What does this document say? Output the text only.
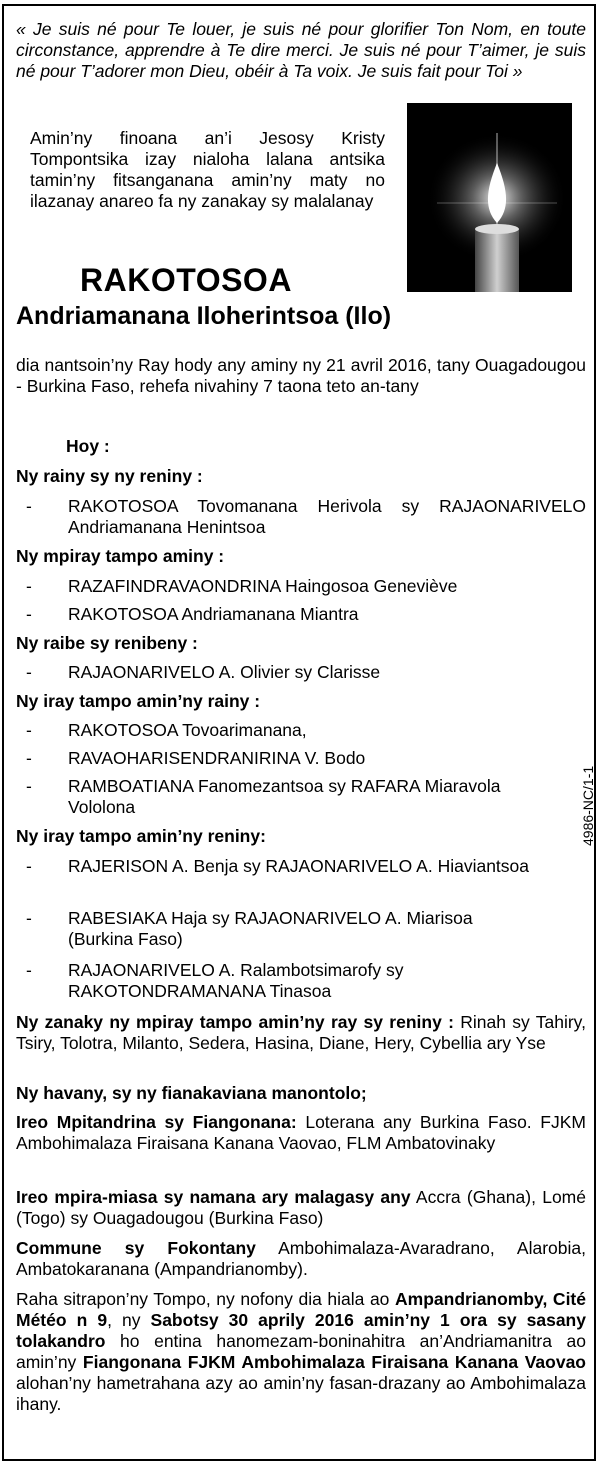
« Je suis né pour Te louer, je suis né pour glorifier Ton Nom, en toute circonstance, apprendre à Te dire merci. Je suis né pour T’aimer, je suis né pour T’adorer mon Dieu, obéir à Ta voix. Je suis fait pour Toi »
Amin’ny finoana an’i Jesosy Kristy Tompontsika izay nialoha lalana antsika tamin’ny fitsanganana amin’ny maty no ilazanay anareo fa ny zanakay sy malalanay
RAKOTOSOA
Andriamanana Iloherintsoa (Ilo)
dia nantsoin’ny Ray hody any aminy ny 21 avril 2016, tany Ouagadougou - Burkina Faso, rehefa nivahiny 7 taona teto an-tany
Hoy :
Ny rainy sy ny reniny :
- RAKOTOSOA Tovomanana Herivola sy RAJAONARIVELO Andriamanana Henintsoa
Ny mpiray tampo aminy :
- RAZAFINDRAVAONDRINA Haingosoa Geneviève
- RAKOTOSOA Andriamanana Miantra
Ny raibe sy renibeny :
- RAJAONARIVELO A. Olivier sy Clarisse
Ny iray tampo amin’ny rainy :
- RAKOTOSOA Tovoarimanana,
- RAVAOHARISENDRANIRINA V. Bodo
- RAMBOATIANA Fanomezantsoa sy RAFARA Miaravola Vololona
Ny iray tampo amin’ny reniny:
- RAJERISON A. Benja sy RAJAONARIVELO A. Hiaviantsoa
- RABESIAKA Haja sy RAJAONARIVELO A. Miarisoa (Burkina Faso)
- RAJAONARIVELO A. Ralambotsimarofy sy RAKOTONDRAMANANA Tinasoa
Ny zanaky ny mpiray tampo amin’ny ray sy reniny : Rinah sy Tahiry, Tsiry, Tolotra, Milanto, Sedera, Hasina, Diane, Hery, Cybellia ary Yse
Ny havany, sy ny fianakaviana manontolo;
Ireo Mpitandrina sy Fiangonana: Loterana any Burkina Faso. FJKM Ambohimalaza Firaisana Kanana Vaovao, FLM Ambatovinaky
Ireo mpira-miasa sy namana ary malagasy any Accra (Ghana), Lomé (Togo) sy Ouagadougou (Burkina Faso)
Commune sy Fokontany Ambohimalaza-Avaradrano, Alarobia, Ambatokaranana (Ampandrianomby).
Raha sitrapon’ny Tompo, ny nofony dia hiala ao Ampandrianomby, Cité Météo n 9, ny Sabotsy 30 aprily 2016 amin’ny 1 ora sy sasany tolakandro ho entina hanomezam-boninahitra an’Andriamanitra ao amin’ny Fiangonana FJKM Ambohimalaza Firaisana Kanana Vaovao alohan’ny hametrahana azy ao amin’ny fasan-drazany ao Ambohimalaza ihany.
4986-NC/1-1
